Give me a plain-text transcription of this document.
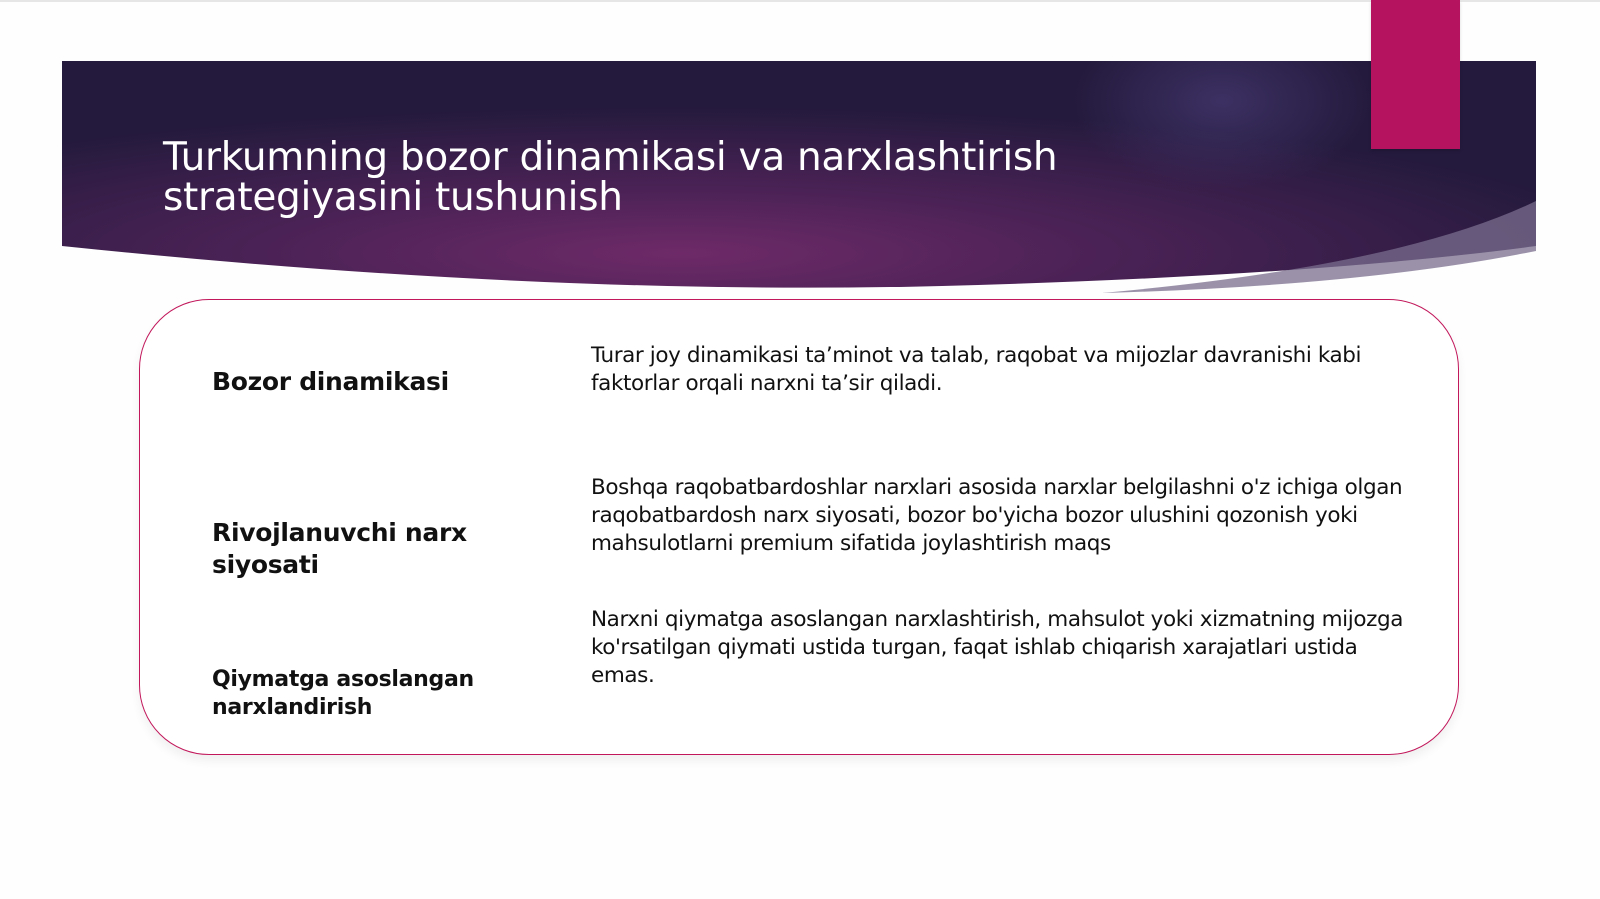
Turkumning bozor dinamikasi va narxlashtirish strategiyasini tushunish

Bozor dinamikasi

Turar joy dinamikasi ta’minot va talab, raqobat va mijozlar davranishi kabi faktorlar orqali narxni ta’sir qiladi.

Rivojlanuvchi narx siyosati

Boshqa raqobatbardoshlar narxlari asosida narxlar belgilashni o'z ichiga olgan raqobatbardosh narx siyosati, bozor bo'yicha bozor ulushini qozonish yoki mahsulotlarni premium sifatida joylashtirish maqs

Qiymatga asoslangan narxlandirish

Narxni qiymatga asoslangan narxlashtirish, mahsulot yoki xizmatning mijozga ko'rsatilgan qiymati ustida turgan, faqat ishlab chiqarish xarajatlari ustida emas.
